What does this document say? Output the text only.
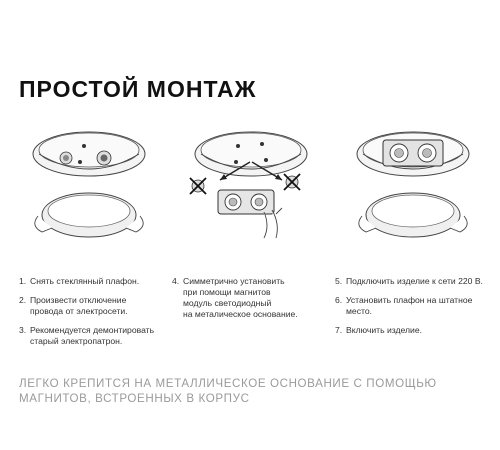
ПРОСТОЙ МОНТАЖ
1. Снять стеклянный плафон.
2. Произвести отключение
провода от электросети.
3. Рекомендуется демонтировать
старый электропатрон.
4. Симметрично установить
при помощи магнитов
модуль светодиодный
на металическое основание.
5. Подключить изделие к сети 220 В.
6. Установить плафон на штатное
место.
7. Включить изделие.
ЛЕГКО КРЕПИТСЯ НА МЕТАЛЛИЧЕСКОЕ ОСНОВАНИЕ С ПОМОЩЬЮ
МАГНИТОВ, ВСТРОЕННЫХ В КОРПУС
